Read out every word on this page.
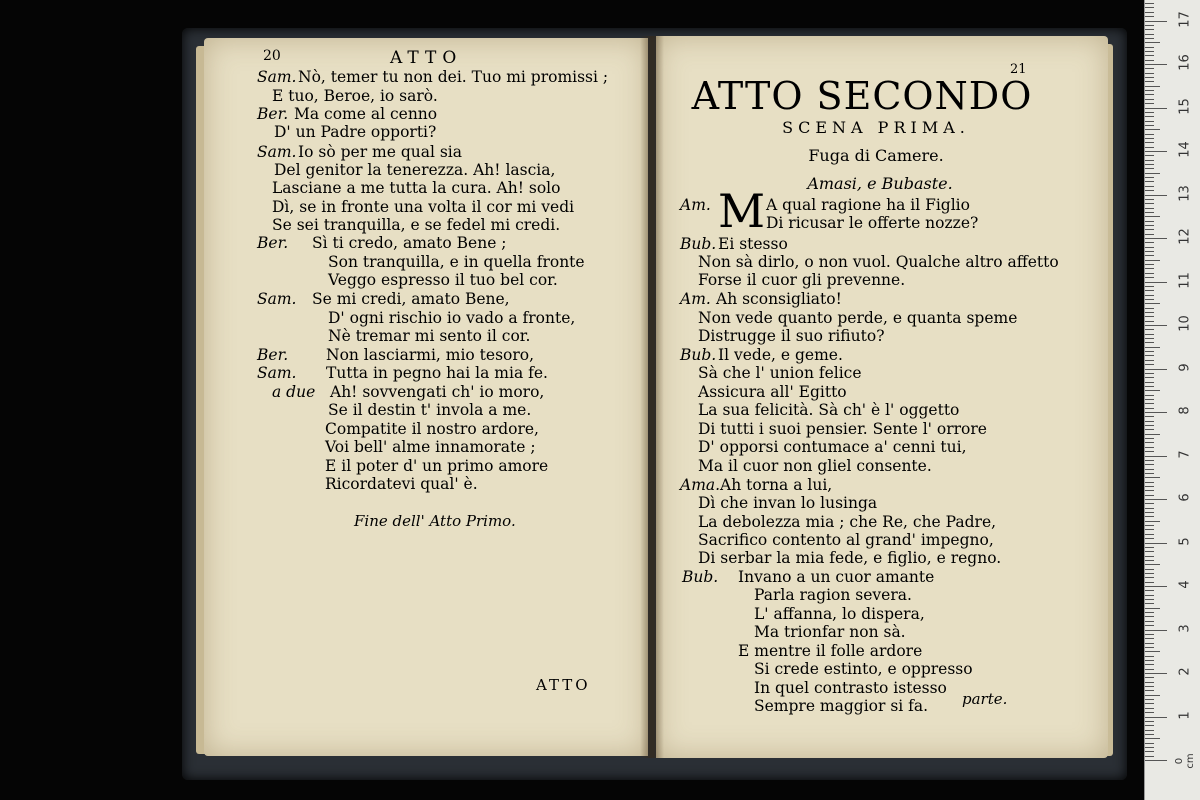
20	ATTO
Sam. Nò, temer tu non dei. Tuo mi promissi ;
E tuo, Beroe, io sarò.
Ber. Ma come al cenno
D' un Padre opporti?
Sam. Io sò per me qual sia
Del genitor la tenerezza. Ah! lascia,
Lasciane a me tutta la cura. Ah! solo
Dì, se in fronte una volta il cor mi vedi
Se sei tranquilla, e se fedel mi credi.
Ber. Sì ti credo, amato Bene ;
Son tranquilla, e in quella fronte
Veggo espresso il tuo bel cor.
Sam. Se mi credi, amato Bene,
D' ogni rischio io vado a fronte,
Nè tremar mi sento il cor.
Ber. Non lasciarmi, mio tesoro,
Sam. Tutta in pegno hai la mia fe.
a due Ah! sovvengati ch' io moro,
Se il destin t' invola a me.
Compatite il nostro ardore,
Voi bell' alme innamorate ;
E il poter d' un primo amore
Ricordatevi qual' è.
Fine dell' Atto Primo.
ATTO
21
ATTO SECONDO
SCENA PRIMA.
Fuga di Camere.
Amasi, e Bubaste.
M
Am.	A qual ragione ha il Figlio
Di ricusar le offerte nozze?
Bub. Ei stesso
Non sà dirlo, o non vuol. Qualche altro affetto
Forse il cuor gli prevenne.
Am. Ah sconsigliato!
Non vede quanto perde, e quanta speme
Distrugge il suo rifiuto?
Bub. Il vede, e geme.
Sà che l' union felice
Assicura all' Egitto
La sua felicità. Sà ch' è l' oggetto
Di tutti i suoi pensier. Sente l' orrore
D' opporsi contumace a' cenni tui,
Ma il cuor non gliel consente.
Ama. Ah torna a lui,
Dì che invan lo lusinga
La debolezza mia ; che Re, che Padre,
Sacrifico contento al grand' impegno,
Di serbar la mia fede, e figlio, e regno.
Bub. Invano a un cuor amante
Parla ragion severa.
L' affanna, lo dispera,
Ma trionfar non sà.
E mentre il folle ardore
Si crede estinto, e oppresso
In quel contrasto istesso
Sempre maggior si fa. parte.
0 cm
1
2
3
4
5
6
7
8
9
10
11
12
13
14
15
16
17
